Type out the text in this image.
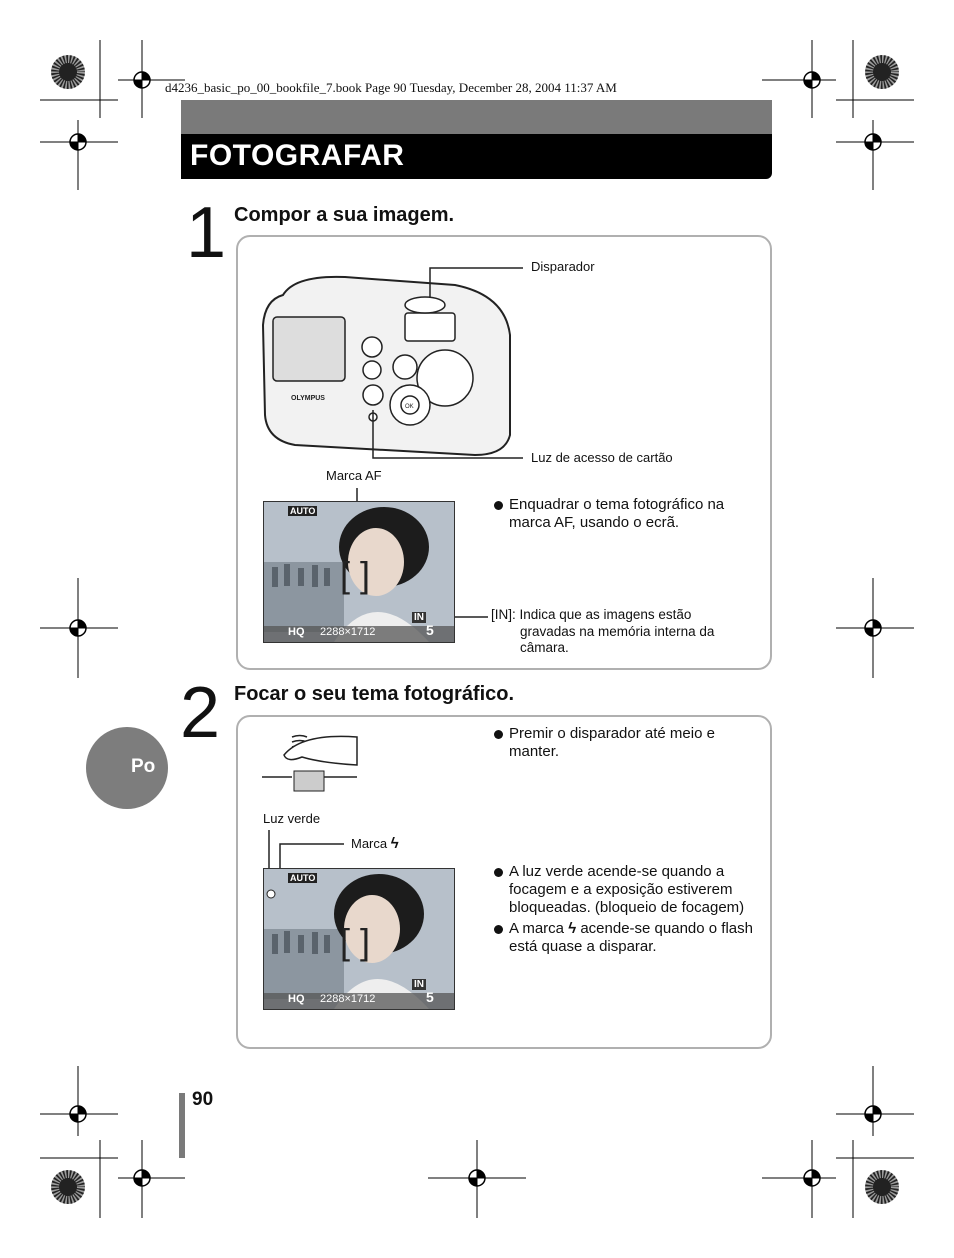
d4236_basic_po_00_bookfile_7.book Page 90 Tuesday, December 28, 2004 11:37 AM
FOTOGRAFAR
1 Compor a sua imagem.
OLYMPUS
OK
Disparador
Luz de acesso de cartão
Marca AF
AUTO
[ ]
HQ 2288×1712
IN
5
Enquadrar o tema fotográfico na marca AF, usando o ecrã.
[IN]: Indica que as imagens estão
gravadas na memória interna da
câmara.
2 Focar o seu tema fotográfico.
Premir o disparador até meio e manter.
Luz verde
Marca ϟ
AUTO
[ ]
HQ 2288×1712
IN
5
A luz verde acende-se quando a focagem e a exposição estiverem bloqueadas. (bloqueio de focagem)
A marca ϟ acende-se quando o flash está quase a disparar.
Po
90
